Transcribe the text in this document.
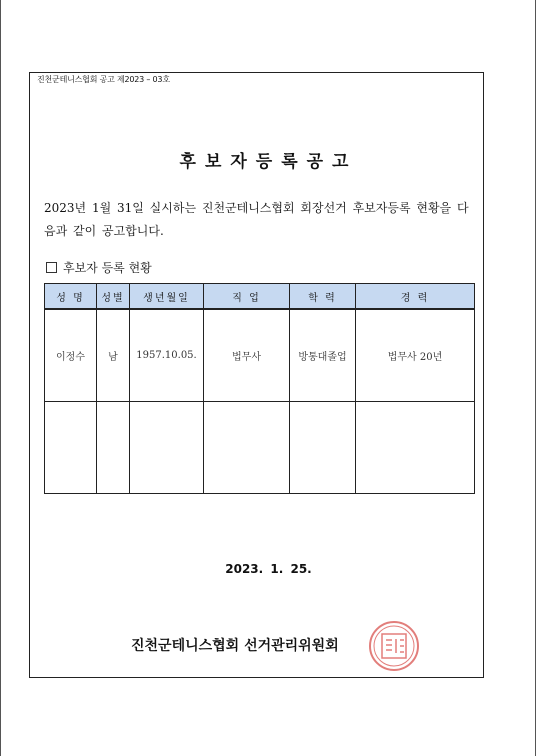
진천군테니스협회 공고 제2023 – 03호
후보자등록공고
2023년 1월 31일 실시하는 진천군테니스협회 회장선거 후보자등록 현황을 다음과 같이 공고합니다.
후보자 등록 현황
성 명	성별	생년월일	직 업	학 력	경 력
이정수	남	1957.10.05.	법무사	방통대졸업	법무사 20년

2023. 1. 25.
진천군테니스협회 선거관리위원회
